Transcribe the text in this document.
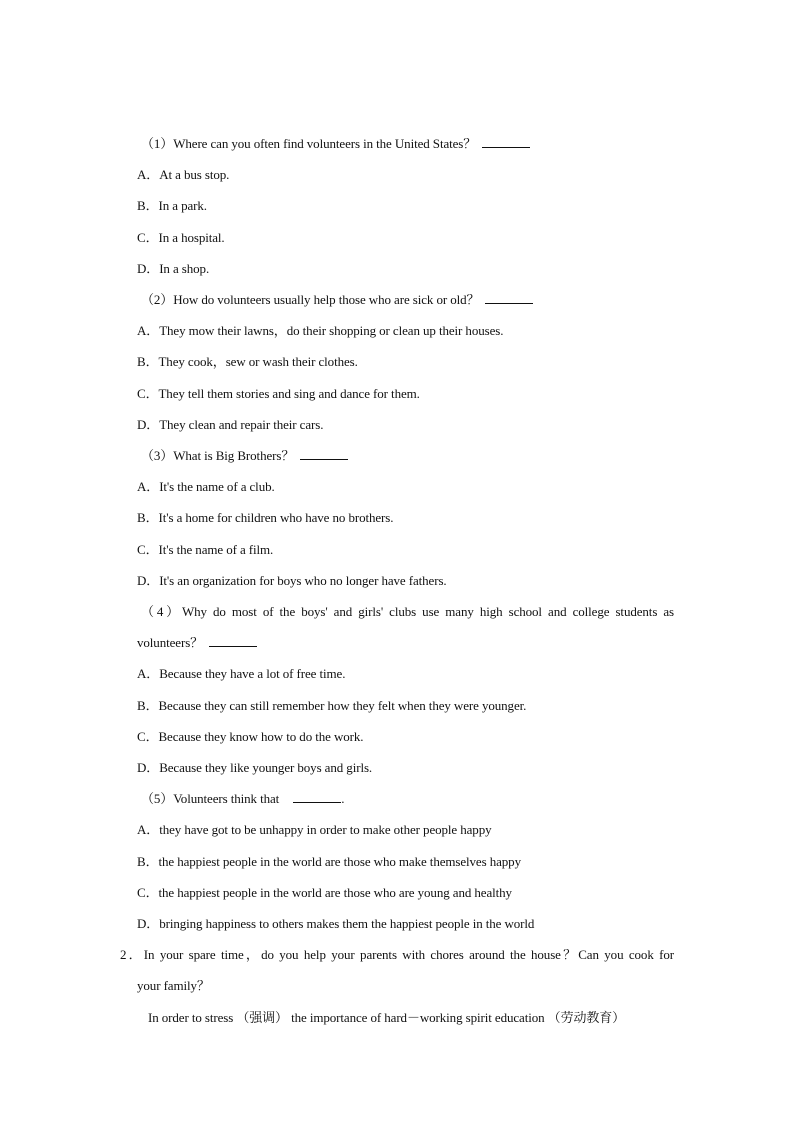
（1）Where can you often find volunteers in the United States？
A．At a bus stop.
B．In a park.
C．In a hospital.
D．In a shop.
（2）How do volunteers usually help those who are sick or old？
A．They mow their lawns，do their shopping or clean up their houses.
B．They cook，sew or wash their clothes.
C．They tell them stories and sing and dance for them.
D．They clean and repair their cars.
（3）What is Big Brothers？
A．It's the name of a club.
B．It's a home for children who have no brothers.
C．It's the name of a film.
D．It's an organization for boys who no longer have fathers.
（4）Why do most of the boys' and girls' clubs use many high school and college students as
volunteers？
A．Because they have a lot of free time.
B．Because they can still remember how they felt when they were younger.
C．Because they know how to do the work.
D．Because they like younger boys and girls.
（5）Volunteers think that	.
A．they have got to be unhappy in order to make other people happy
B．the happiest people in the world are those who make themselves happy
C．the happiest people in the world are those who are young and healthy
D．bringing happiness to others makes them the happiest people in the world
2．In your spare time，do you help your parents with chores around the house？Can you cook for
your family？
In order to stress （强调） the importance of hard－working spirit education （劳动教育）
